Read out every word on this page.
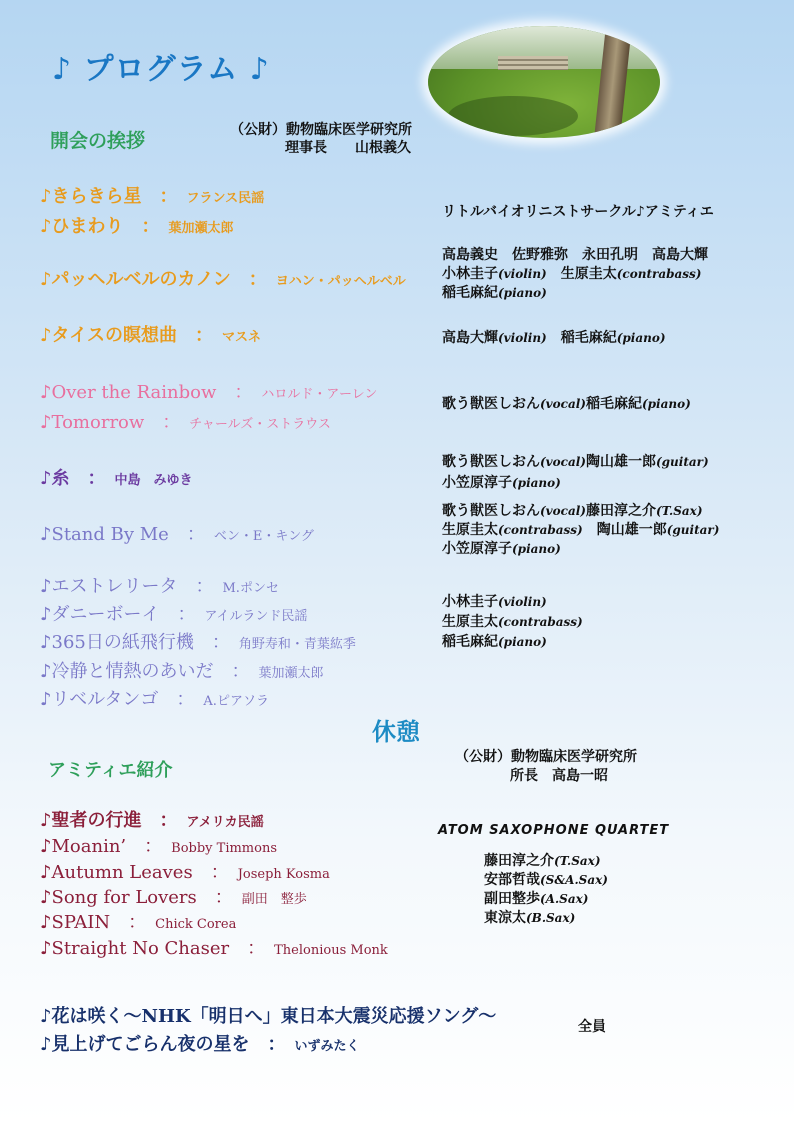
♪ プログラム ♪
開会の挨拶	（公財）動物臨床医学研究所
理事長　　山根義久
♪きらきら星　 ：　 フランス民謡
♪ひまわり　 ：　 葉加瀬太郎
♪パッヘルベルのカノン　 ：　 ヨハン・パッヘルベル
♪タイスの瞑想曲　 ：　 マスネ
♪Over the Rainbow　 ：　 ハロルド・アーレン
♪Tomorrow　 ：　 チャールズ・ストラウス
♪糸　 ：　 中島　みゆき
♪Stand By Me　 ：　 ベン・E・キング
♪エストレリータ　 ：　 M.ポンセ
♪ダニーボーイ　 ：　 アイルランド民謡
♪365日の紙飛行機　 ：　 角野寿和・青葉紘季
♪冷静と情熱のあいだ　 ：　 葉加瀬太郎
♪リベルタンゴ　 ：　 A.ピアソラ
リトルバイオリニストサークル♪アミティエ
高島義史　佐野雅弥　永田孔明　高島大輝
小林圭子(violin)　 生原圭太(contrabass)
稲毛麻紀(piano)
高島大輝(violin)　 稲毛麻紀(piano)
歌う獣医しおん(vocal)稲毛麻紀(piano)
歌う獣医しおん(vocal)陶山雄一郎(guitar)
小笠原淳子(piano)
歌う獣医しおん(vocal)藤田淳之介(T.Sax)
生原圭太(contrabass)　 陶山雄一郎(guitar)
小笠原淳子(piano)
小林圭子(violin)
生原圭太(contrabass)
稲毛麻紀(piano)
休憩
アミティエ紹介
（公財）動物臨床医学研究所
所長　高島一昭
♪聖者の行進　 ：　 アメリカ民謡
♪Moanin’　 ：　 Bobby Timmons
♪Autumn Leaves　 ：　 Joseph Kosma
♪Song for Lovers　 ：　 副田　整歩
♪SPAIN　 ：　 Chick Corea
♪Straight No Chaser　 ：　 Thelonious Monk
ATOM SAXOPHONE QUARTET
藤田淳之介(T.Sax)
安部哲哉(S&A.Sax)
副田整歩(A.Sax)
東涼太(B.Sax)
♪花は咲く～NHK「明日へ」東日本大震災応援ソング～
♪見上げてごらん夜の星を　 ：　 いずみたく
全員
